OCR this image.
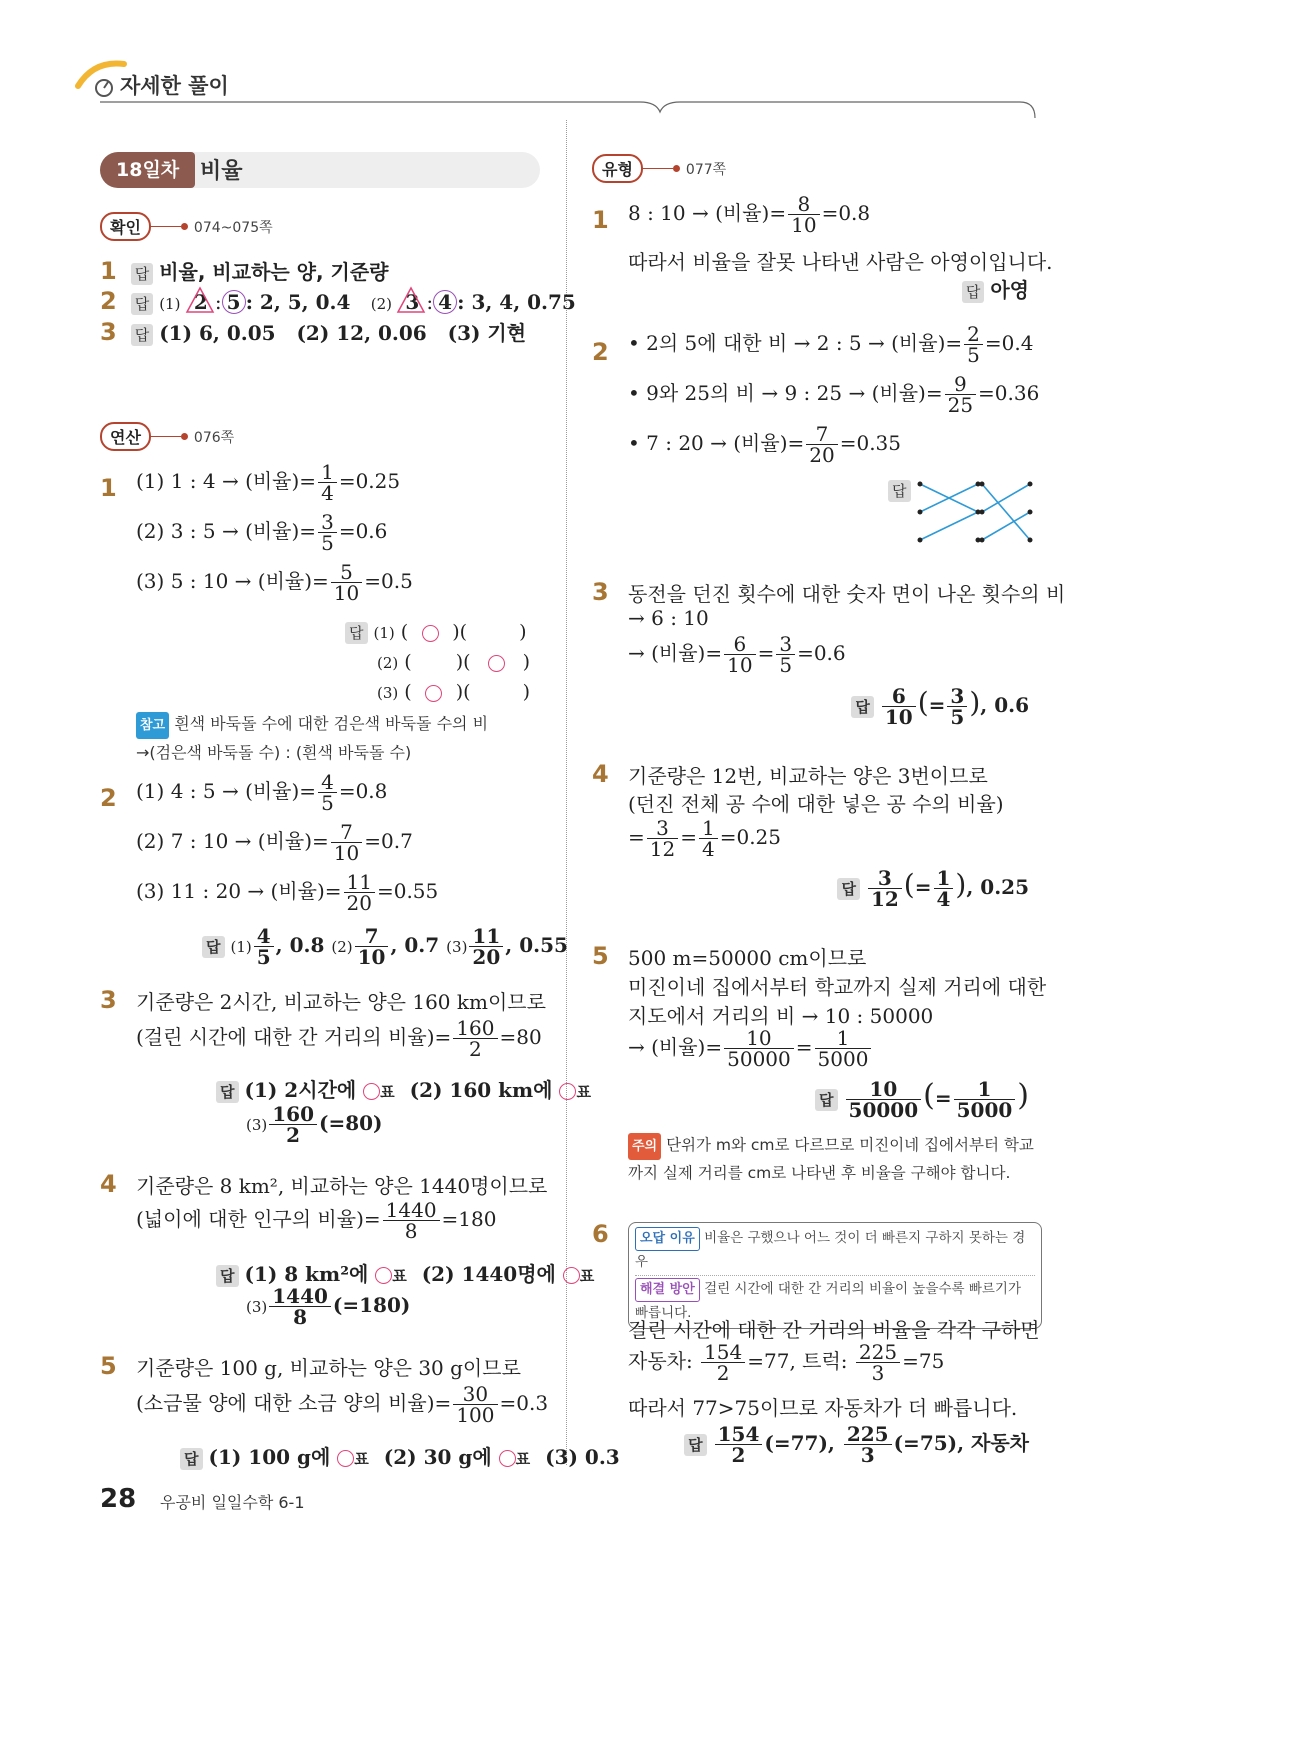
자세한 풀이
18일차 비율
확인	074~075쪽
1 답 비율, 비교하는 양, 기준량
2 답 (1) 2 : 5 : 2, 5, 0.4 (2) 3 : 4 : 3, 4, 0.75
3 답 (1) 6, 0.05   (2) 12, 0.06   (3) 기현
연산	076쪽
1 (1) 1 : 4 → (비율)= $\frac{1}{4} =0.25$
(2) 3 : 5 → (비율)= $\frac{3}{5} =0.6$
(3) 5 : 10 → (비율)= $\frac{5}{10} =0.5$
답 (1) ( )(	)
(2) ( )(	)
(3) ( )(	)
참고 흰색 바둑돌 수에 대한 검은색 바둑돌 수의 비
→(검은색 바둑돌 수) : (흰색 바둑돌 수)
2 (1) 4 : 5 → (비율)= $\frac{4}{5} =0.8$
(2) 7 : 10 → (비율)= $\frac{7}{10} =0.7$
(3) 11 : 20 → (비율)= $\frac{11}{20} =0.55$
답 $(1) \frac{4}{5}$ , 0.8 $(2) \frac{7}{10}$ , 0.7 $(3) \frac{11}{20}$ , 0.55
3 기준량은 2시간, 비교하는 양은 160 km이므로
(걸린 시간에 대한 간 거리의 비율)= $\frac{160}{2} =80$
답 (1) 2시간에 표 (2) 160 km에 표
$(3) \frac{160}{2} (=80)$
4 기준량은 8 km², 비교하는 양은 1440명이므로
(넓이에 대한 인구의 비율)= $\frac{1440}{8} =180$
답 (1) 8 km²에 표 (2) 1440명에 표
$(3) \frac{1440}{8} (=180)$
5 기준량은 100 g, 비교하는 양은 30 g이므로
(소금물 양에 대한 소금 양의 비율)= $\frac{30}{100} =0.3$
답 (1) 100 g에 표 (2) 30 g에 표 (3) 0.3
유형	077쪽
1 8 : 10 → (비율)= $\frac{8}{10} =0.8$
따라서 비율을 잘못 나타낸 사람은 아영이입니다.
답 아영
2 • 2의 5에 대한 비 → 2 : 5 → (비율)= $\frac{2}{5} =0.4$
• 9와 25의 비 → 9 : 25 → (비율)= $\frac{9}{25} =0.36$
• 7 : 20 → (비율)= $\frac{7}{20} =0.35$
답
3 동전을 던진 횟수에 대한 숫자 면이 나온 횟수의 비
→ 6 : 10
→ (비율)= $\frac{6}{10} = \frac{3}{5} =0.6$
답 $\frac{6}{10}$ (= $\frac{3}{5}$ ), 0.6
4 기준량은 12번, 비교하는 양은 3번이므로
(던진 전체 공 수에 대한 넣은 공 수의 비율)
= $\frac{3}{12} = \frac{1}{4} =0.25$
답 $\frac{3}{12}$ (= $\frac{1}{4}$ ), 0.25
5 500 m=50000 cm이므로
미진이네 집에서부터 학교까지 실제 거리에 대한
지도에서 거리의 비 → 10 : 50000
→ (비율)= $\frac{10}{50000} = \frac{1}{5000}$
답 $\frac{10}{50000}$ (= $\frac{1}{5000}$ )
주의 단위가 m와 cm로 다르므로 미진이네 집에서부터 학교
까지 실제 거리를 cm로 나타낸 후 비율을 구해야 합니다.
6	오답 이유 비율은 구했으나 어느 것이 더 빠른지 구하지 못하는 경우
해결 방안 걸린 시간에 대한 간 거리의 비율이 높을수록 빠르기가
빠릅니다.
걸린 시간에 대한 간 거리의 비율을 각각 구하면
자동차: $\frac{154}{2} =77$, 트럭: $\frac{225}{3} =75$
따라서 77>75이므로 자동차가 더 빠릅니다.
답 $\frac{154}{2} (=77)$, $\frac{225}{3} (=75)$, 자동차
28 우공비 일일수학 6-1
